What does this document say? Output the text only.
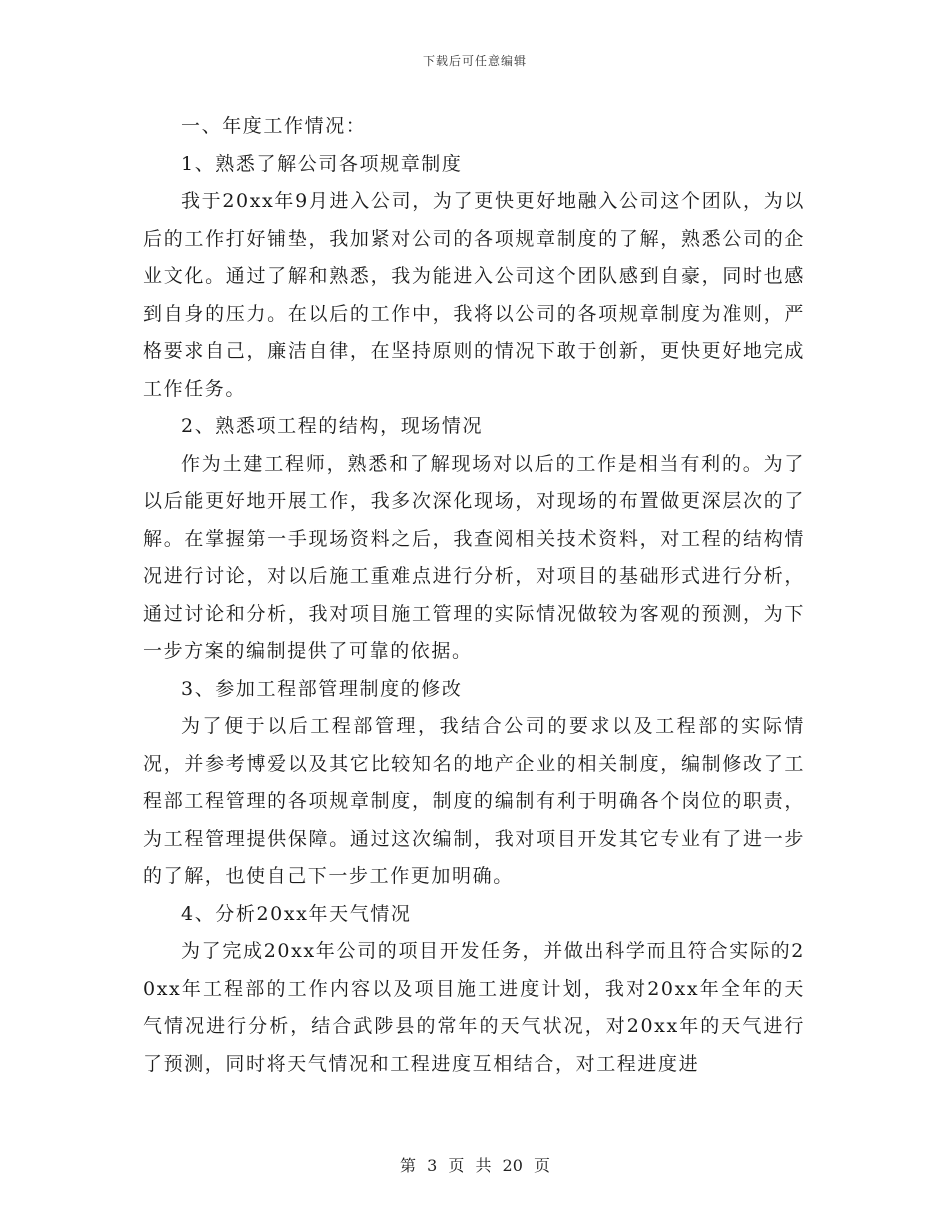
下载后可任意编辑

一、年度工作情况：

1、熟悉了解公司各项规章制度

我于20xx年9月进入公司，为了更快更好地融入公司这个团队，为以后的工作打好铺垫，我加紧对公司的各项规章制度的了解，熟悉公司的企业文化。通过了解和熟悉，我为能进入公司这个团队感到自豪，同时也感到自身的压力。在以后的工作中，我将以公司的各项规章制度为准则，严格要求自己，廉洁自律，在坚持原则的情况下敢于创新，更快更好地完成工作任务。

2、熟悉项工程的结构，现场情况

作为土建工程师，熟悉和了解现场对以后的工作是相当有利的。为了以后能更好地开展工作，我多次深化现场，对现场的布置做更深层次的了解。在掌握第一手现场资料之后，我查阅相关技术资料，对工程的结构情况进行讨论，对以后施工重难点进行分析，对项目的基础形式进行分析，通过讨论和分析，我对项目施工管理的实际情况做较为客观的预测，为下一步方案的编制提供了可靠的依据。

3、参加工程部管理制度的修改

为了便于以后工程部管理，我结合公司的要求以及工程部的实际情况，并参考博爱以及其它比较知名的地产企业的相关制度，编制修改了工程部工程管理的各项规章制度，制度的编制有利于明确各个岗位的职责，为工程管理提供保障。通过这次编制，我对项目开发其它专业有了进一步的了解，也使自己下一步工作更加明确。

4、分析20xx年天气情况

为了完成20xx年公司的项目开发任务，并做出科学而且符合实际的20xx年工程部的工作内容以及项目施工进度计划，我对20xx年全年的天气情况进行分析，结合武陟县的常年的天气状况，对20xx年的天气进行了预测，同时将天气情况和工程进度互相结合，对工程进度进

第 3 页 共 20 页
